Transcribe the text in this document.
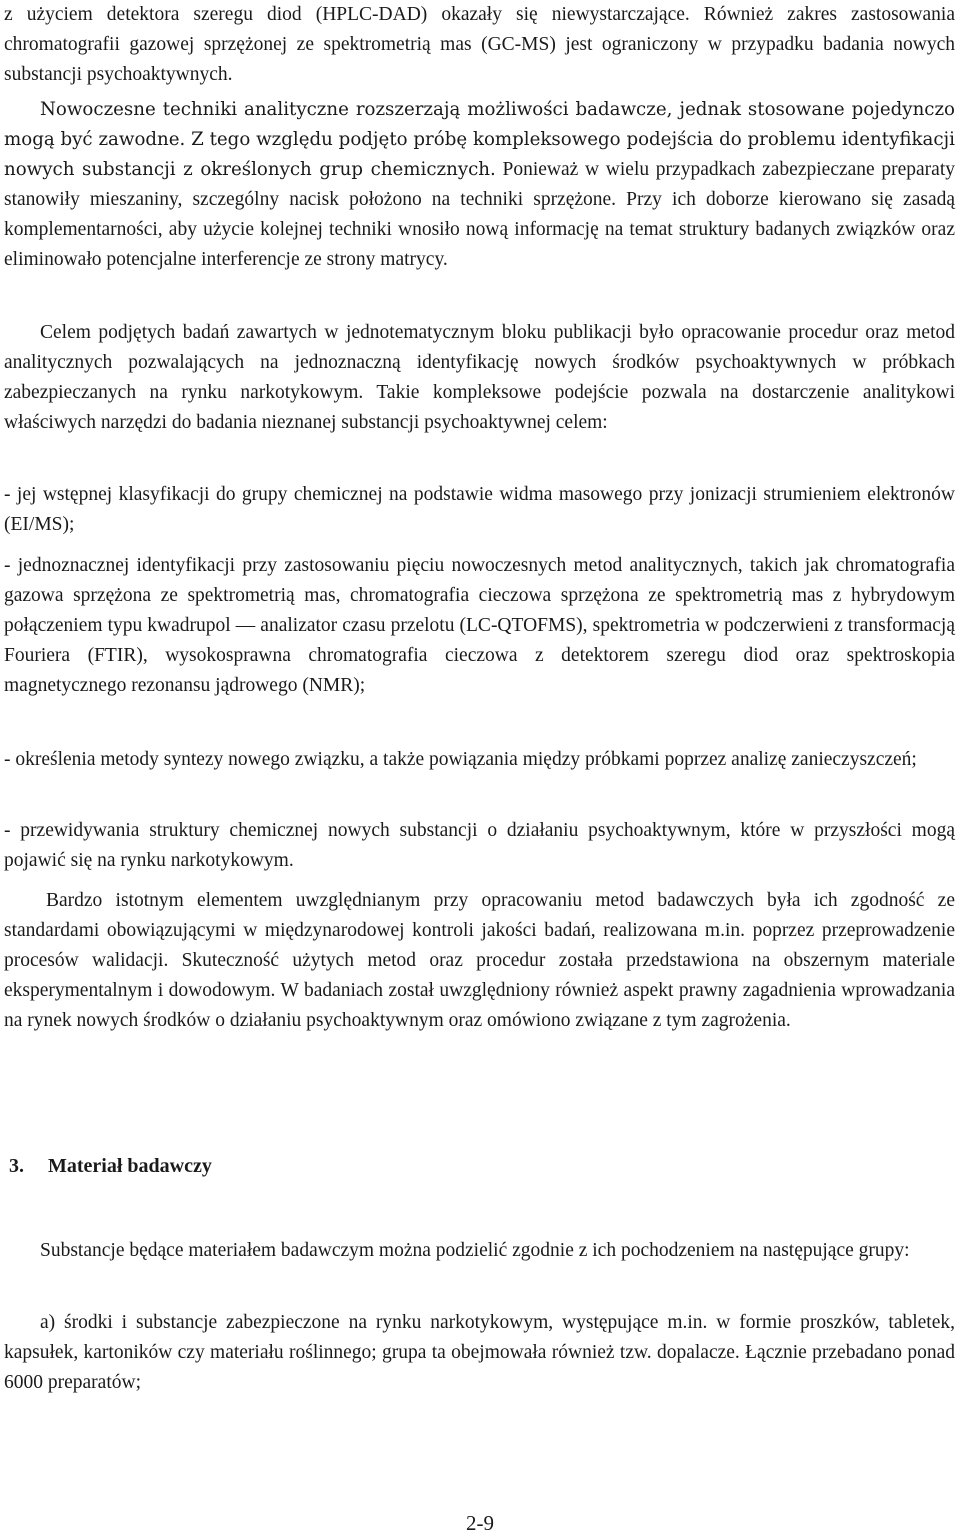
z użyciem detektora szeregu diod (HPLC-DAD) okazały się niewystarczające. Również zakres zastosowania chromatografii gazowej sprzężonej ze spektrometrią mas (GC-MS) jest ograniczony w przypadku badania nowych substancji psychoaktywnych.

Nowoczesne techniki analityczne rozszerzają możliwości badawcze, jednak stosowane pojedynczo mogą być zawodne. Z tego względu podjęto próbę kompleksowego podejścia do problemu identyfikacji nowych substancji z określonych grup chemicznych. Ponieważ w wielu przypadkach zabezpieczane preparaty stanowiły mieszaniny, szczególny nacisk położono na techniki sprzężone. Przy ich doborze kierowano się zasadą komplementarności, aby użycie kolejnej techniki wnosiło nową informację na temat struktury badanych związków oraz eliminowało potencjalne interferencje ze strony matrycy.

Celem podjętych badań zawartych w jednotematycznym bloku publikacji było opracowanie procedur oraz metod analitycznych pozwalających na jednoznaczną identyfikację nowych środków psychoaktywnych w próbkach zabezpieczanych na rynku narkotykowym. Takie kompleksowe podejście pozwala na dostarczenie analitykowi właściwych narzędzi do badania nieznanej substancji psychoaktywnej celem:

- jej wstępnej klasyfikacji do grupy chemicznej na podstawie widma masowego przy jonizacji strumieniem elektronów (EI/MS);

- jednoznacznej identyfikacji przy zastosowaniu pięciu nowoczesnych metod analitycznych, takich jak chromatografia gazowa sprzężona ze spektrometrią mas, chromatografia cieczowa sprzężona ze spektrometrią mas z hybrydowym połączeniem typu kwadrupol — analizator czasu przelotu (LC-QTOFMS), spektrometria w podczerwieni z transformacją Fouriera (FTIR), wysokosprawna chromatografia cieczowa z detektorem szeregu diod oraz spektroskopia magnetycznego rezonansu jądrowego (NMR);

- określenia metody syntezy nowego związku, a także powiązania między próbkami poprzez analizę zanieczyszczeń;

- przewidywania struktury chemicznej nowych substancji o działaniu psychoaktywnym, które w przyszłości mogą pojawić się na rynku narkotykowym.

Bardzo istotnym elementem uwzględnianym przy opracowaniu metod badawczych była ich zgodność ze standardami obowiązującymi w międzynarodowej kontroli jakości badań, realizowana m.in. poprzez przeprowadzenie procesów walidacji. Skuteczność użytych metod oraz procedur została przedstawiona na obszernym materiale eksperymentalnym i dowodowym. W badaniach został uwzględniony również aspekt prawny zagadnienia wprowadzania na rynek nowych środków o działaniu psychoaktywnym oraz omówiono związane z tym zagrożenia.

3. Materiał badawczy

Substancje będące materiałem badawczym można podzielić zgodnie z ich pochodzeniem na następujące grupy:

a) środki i substancje zabezpieczone na rynku narkotykowym, występujące m.in. w formie proszków, tabletek, kapsułek, kartoników czy materiału roślinnego; grupa ta obejmowała również tzw. dopalacze. Łącznie przebadano ponad 6000 preparatów;

2-9
